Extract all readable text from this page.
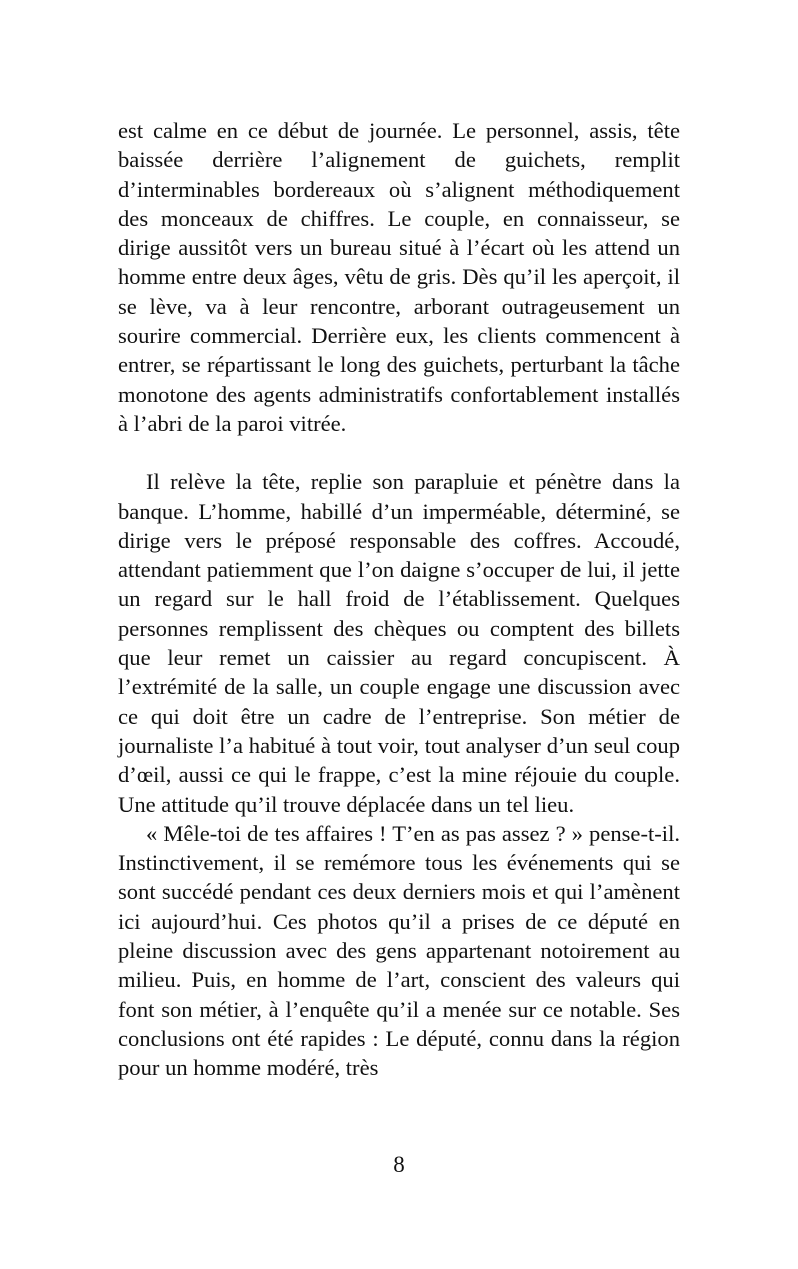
est calme en ce début de journée. Le personnel, assis, tête baissée derrière l’alignement de guichets, remplit d’interminables bordereaux où s’alignent méthodiquement des monceaux de chiffres. Le couple, en connaisseur, se dirige aussitôt vers un bureau situé à l’écart où les attend un homme entre deux âges, vêtu de gris. Dès qu’il les aperçoit, il se lève, va à leur rencontre, arborant outrageusement un sourire commercial. Derrière eux, les clients commencent à entrer, se répartissant le long des guichets, perturbant la tâche monotone des agents administratifs confortablement installés à l’abri de la paroi vitrée.

Il relève la tête, replie son parapluie et pénètre dans la banque. L’homme, habillé d’un imperméable, déterminé, se dirige vers le préposé responsable des coffres. Accoudé, attendant patiemment que l’on daigne s’occuper de lui, il jette un regard sur le hall froid de l’établissement. Quelques personnes remplissent des chèques ou comptent des billets que leur remet un caissier au regard concupiscent. À l’extrémité de la salle, un couple engage une discussion avec ce qui doit être un cadre de l’entreprise. Son métier de journaliste l’a habitué à tout voir, tout analyser d’un seul coup d’œil, aussi ce qui le frappe, c’est la mine réjouie du couple. Une attitude qu’il trouve déplacée dans un tel lieu.

« Mêle-toi de tes affaires ! T’en as pas assez ? » pense-t-il. Instinctivement, il se remémore tous les événements qui se sont succédé pendant ces deux derniers mois et qui l’amènent ici aujourd’hui. Ces photos qu’il a prises de ce député en pleine discussion avec des gens appartenant notoirement au milieu. Puis, en homme de l’art, conscient des valeurs qui font son métier, à l’enquête qu’il a menée sur ce notable. Ses conclusions ont été rapides : Le député, connu dans la région pour un homme modéré, très

8
